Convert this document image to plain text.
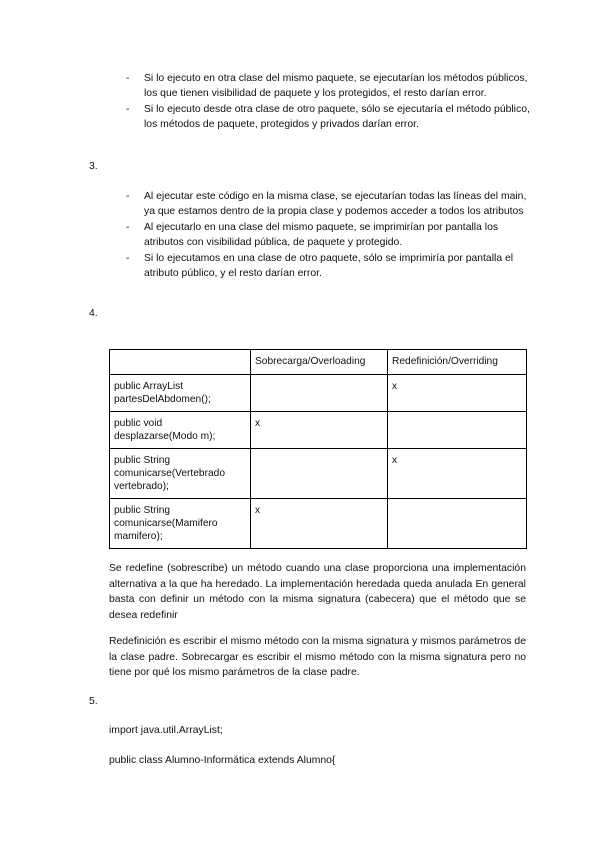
- Si lo ejecuto en otra clase del mismo paquete, se ejecutarían los métodos públicos, los que tienen visibilidad de paquete y los protegidos, el resto darían error.
- Si lo ejecuto desde otra clase de otro paquete, sólo se ejecutaría el método público, los métodos de paquete, protegidos y privados darían error.
3.
- Al ejecutar este código en la misma clase, se ejecutarían todas las líneas del main, ya que estamos dentro de la propia clase y podemos acceder a todos los atributos
- Al ejecutarlo en una clase del mismo paquete, se imprimirían por pantalla los atributos con visibilidad pública, de paquete y protegido.
- Si lo ejecutamos en una clase de otro paquete, sólo se imprimiría por pantalla el atributo público, y el resto darían error.
4.
	Sobrecarga/Overloading	Redefinición/Overriding
public ArrayList partesDelAbdomen();		x
public void desplazarse(Modo m);	x	
public String comunicarse(Vertebrado vertebrado);		x
public String comunicarse(Mamifero mamifero);	x	

Se redefine (sobrescribe) un método cuando una clase proporciona una implementación alternativa a la que ha heredado. La implementación heredada queda anulada En general basta con definir un método con la misma signatura (cabecera) que el método que se desea redefinir

Redefinición es escribir el mismo método con la misma signatura y mismos parámetros de la clase padre. Sobrecargar es escribir el mismo método con la misma signatura pero no tiene por qué los mismo parámetros de la clase padre.

5.

import java.util.ArrayList;

public class Alumno-Informática extends Alumno{
